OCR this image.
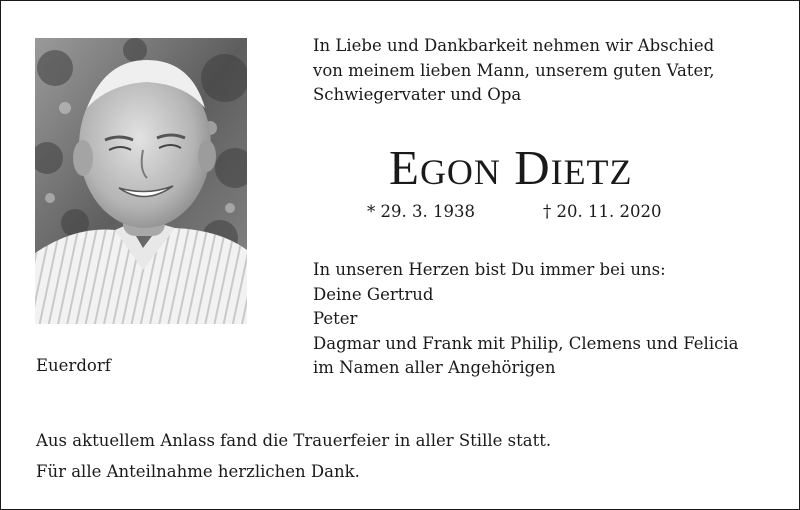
In Liebe und Dankbarkeit nehmen wir Abschied
von meinem lieben Mann, unserem guten Vater,
Schwiegervater und Opa
EGON DIETZ
* 29. 3. 1938	† 20. 11. 2020
In unseren Herzen bist Du immer bei uns:
Deine Gertrud
Peter
Dagmar und Frank mit Philip, Clemens und Felicia
im Namen aller Angehörigen
Euerdorf
Aus aktuellem Anlass fand die Trauerfeier in aller Stille statt.
Für alle Anteilnahme herzlichen Dank.
